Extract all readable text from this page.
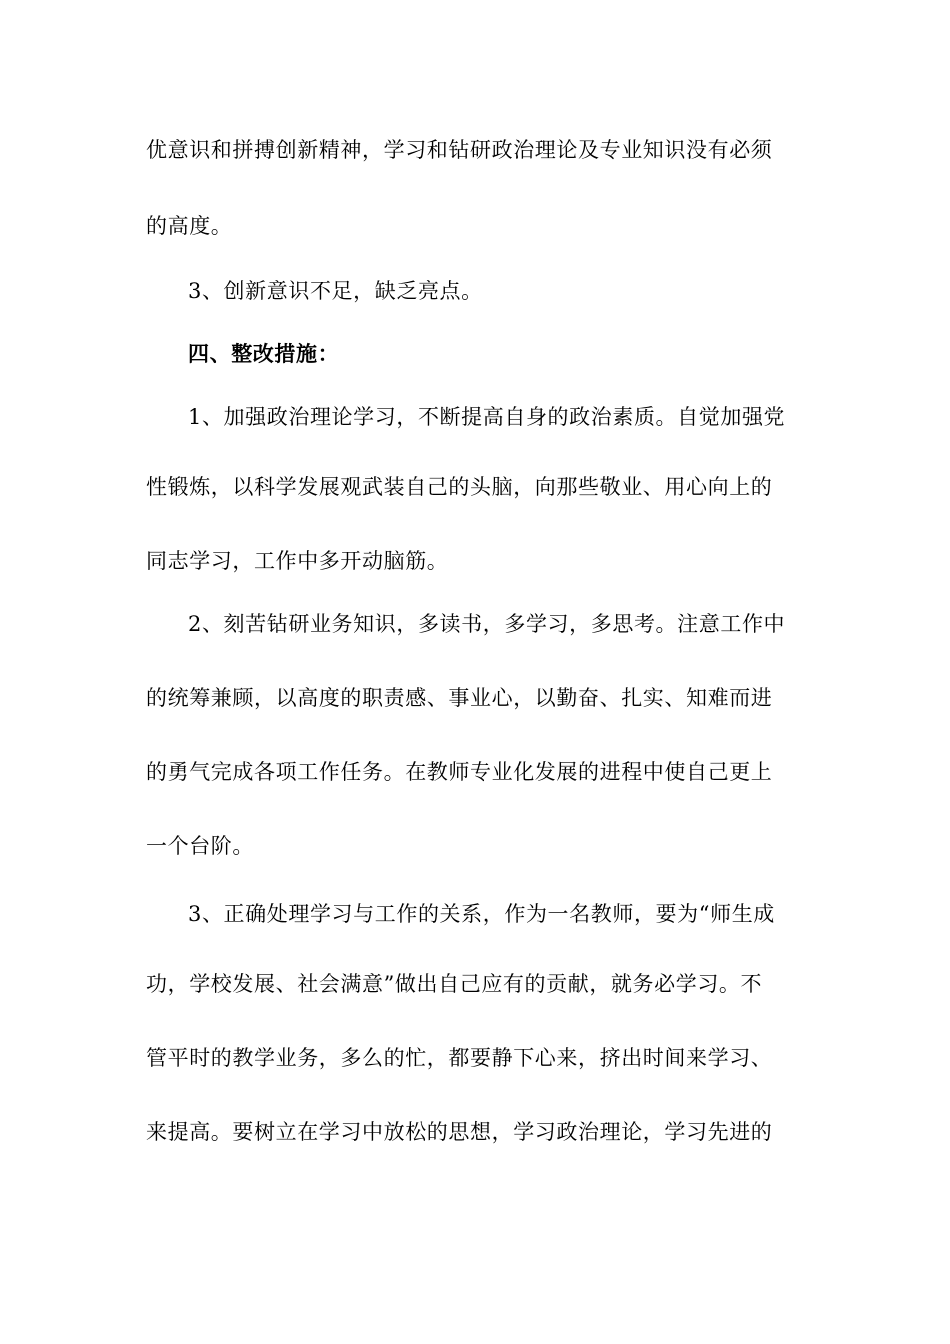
优意识和拼搏创新精神，学习和钻研政治理论及专业知识没有必须
的高度。
3、创新意识不足，缺乏亮点。
四、整改措施：
1、加强政治理论学习，不断提高自身的政治素质。自觉加强党
性锻炼，以科学发展观武装自己的头脑，向那些敬业、用心向上的
同志学习，工作中多开动脑筋。
2、刻苦钻研业务知识，多读书，多学习，多思考。注意工作中
的统筹兼顾，以高度的职责感、事业心，以勤奋、扎实、知难而进
的勇气完成各项工作任务。在教师专业化发展的进程中使自己更上
一个台阶。
3、正确处理学习与工作的关系，作为一名教师，要为“师生成
功，学校发展、社会满意”做出自己应有的贡献，就务必学习。不
管平时的教学业务，多么的忙，都要静下心来，挤出时间来学习、
来提高。要树立在学习中放松的思想，学习政治理论，学习先进的
